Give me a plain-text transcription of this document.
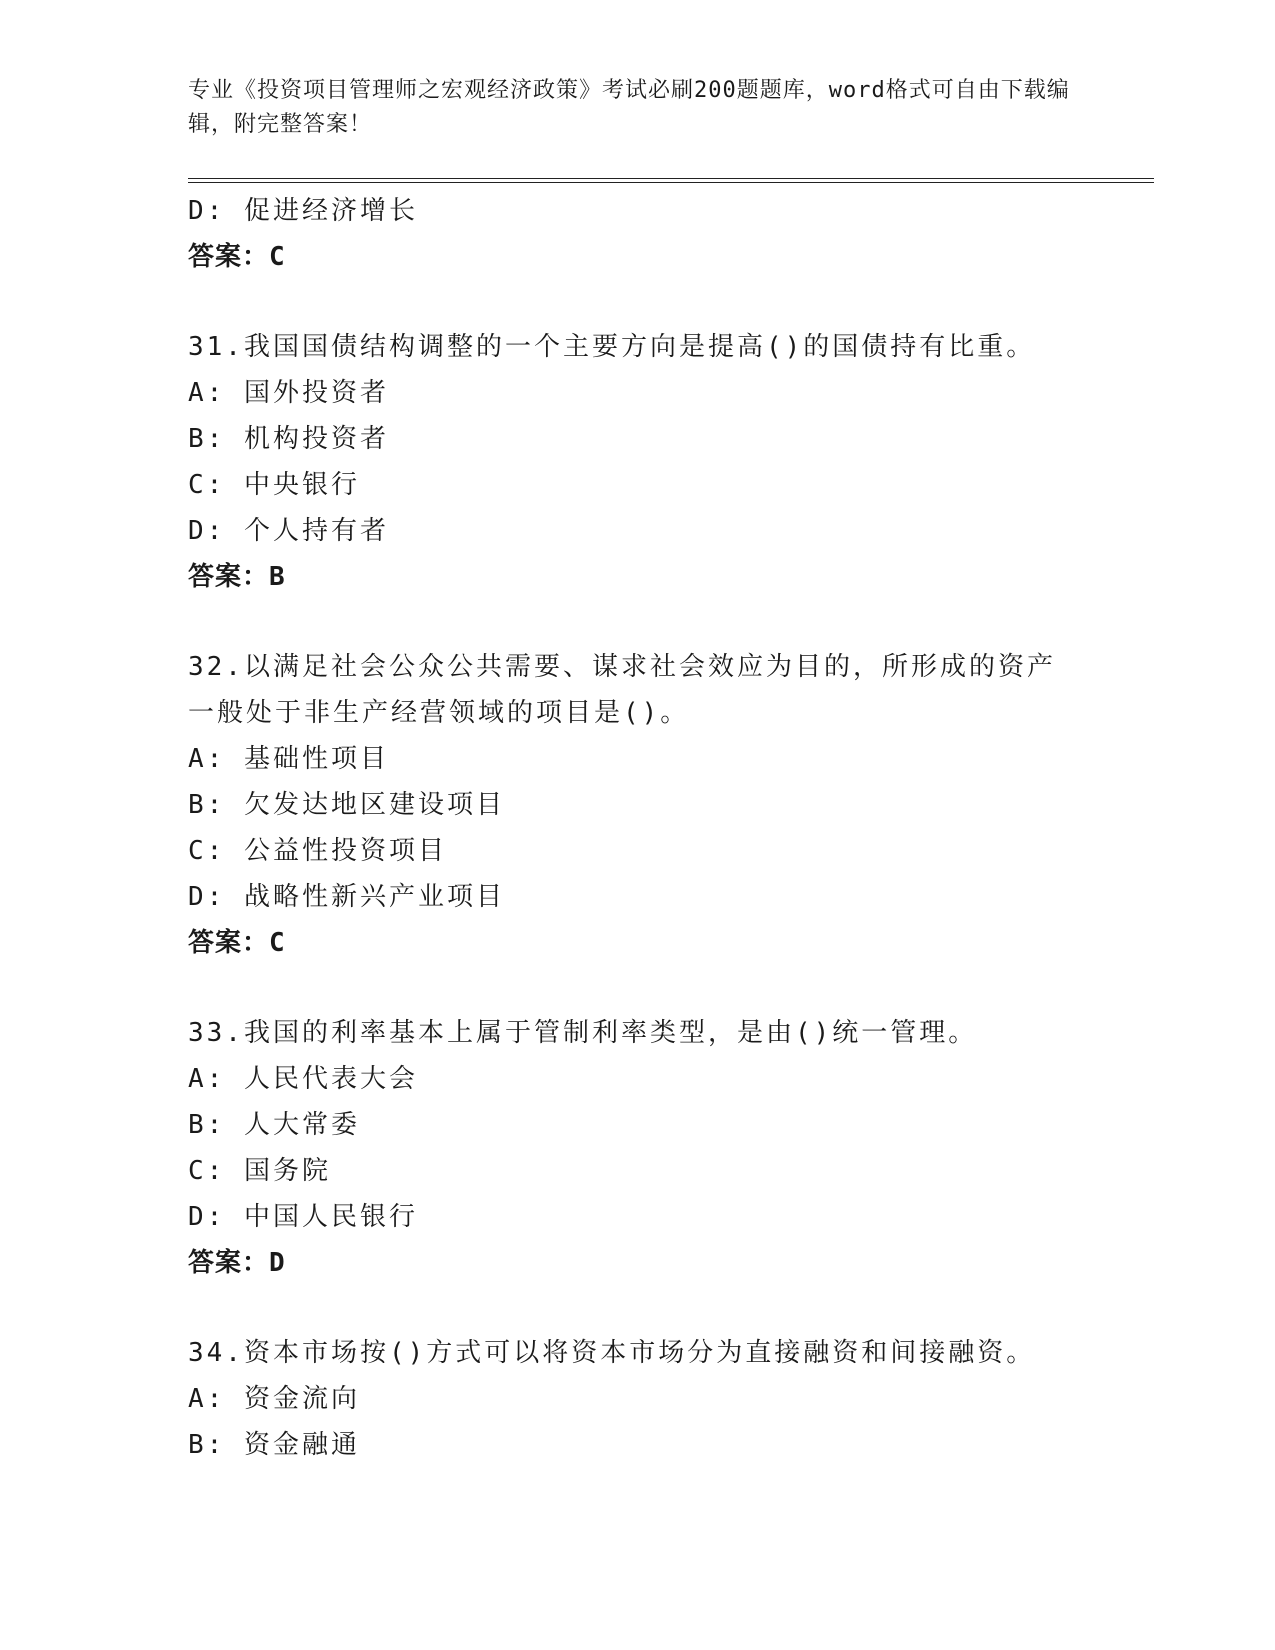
专业《投资项目管理师之宏观经济政策》考试必刷200题题库，word格式可自由下载编辑，附完整答案！
D: 促进经济增长
答案：C
31.我国国债结构调整的一个主要方向是提高()的国债持有比重。
A: 国外投资者
B: 机构投资者
C: 中央银行
D: 个人持有者
答案：B
32.以满足社会公众公共需要、谋求社会效应为目的，所形成的资产一般处于非生产经营领域的项目是()。
A: 基础性项目
B: 欠发达地区建设项目
C: 公益性投资项目
D: 战略性新兴产业项目
答案：C
33.我国的利率基本上属于管制利率类型，是由()统一管理。
A: 人民代表大会
B: 人大常委
C: 国务院
D: 中国人民银行
答案：D
34.资本市场按()方式可以将资本市场分为直接融资和间接融资。
A: 资金流向
B: 资金融通
